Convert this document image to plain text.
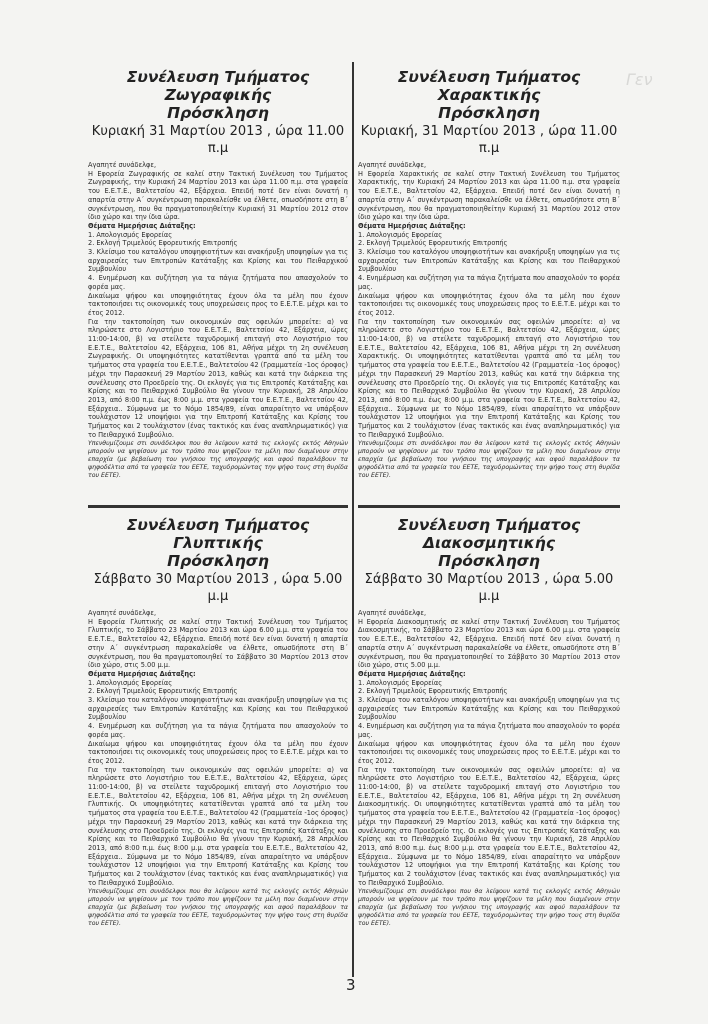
Γεν
Συνέλευση Τμήματος Ζωγραφικής
Πρόσκληση
Κυριακή 31 Μαρτίου 2013 , ώρα 11.00 π.μ

Αγαπητέ συνάδελφε,

Η Εφορεία Ζωγραφικής σε καλεί στην Τακτική Συνέλευση του Τμήματος Ζωγραφικής, την Κυριακή 24 Μαρτίου 2013 και ώρα 11.00 π.μ. στα γραφεία του Ε.Ε.Τ.Ε., Βαλτετσίου 42, Εξάρχεια. Επειδή ποτέ δεν είναι δυνατή η απαρτία στην Α΄ συγκέντρωση παρακαλείσθε να έλθετε, οπωσδήποτε στη Β΄ συγκέντρωση, που θα πραγματοποιηθείτην Κυριακή 31 Μαρτίου 2012 στον ίδιο χώρο και την ίδια ώρα.

Θέματα Ημερήσιας Διάταξης:

1. Απολογισμός Εφορείας

2. Εκλογή Τριμελούς Εφορευτικής Επιτροπής

3. Κλείσιμο του καταλόγου υποψηφιοτήτων και ανακήρυξη υποψηφίων για τις αρχαιρεσίες των Επιτροπών Κατάταξης και Κρίσης και του Πειθαρχικού Συμβουλίου

4. Ενημέρωση και συζήτηση για τα πάγια ζητήματα που απασχολούν το φορέα μας.

Δικαίωμα ψήφου και υποψηφιότητας έχουν όλα τα μέλη που έχουν τακτοποιήσει τις οικονομικές τους υποχρεώσεις προς το Ε.Ε.Τ.Ε. μέχρι και το έτος 2012.

Για την τακτοποίηση των οικονομικών σας οφειλών μπορείτε: α) να πληρώσετε στο Λογιστήριο του Ε.Ε.Τ.Ε., Βαλτετσίου 42, Εξάρχεια, ώρες 11:00-14:00, β) να στείλετε ταχυδρομική επιταγή στο Λογιστήριο του Ε.Ε.Τ.Ε., Βαλτετσίου 42, Εξάρχεια, 106 81, Αθήνα μέχρι τη 2η συνέλευση Ζωγραφικής. Οι υποψηφιότητες κατατίθενται γραπτά από τα μέλη του τμήματος στα γραφεία του Ε.Ε.Τ.Ε., Βαλτετσίου 42 (Γραμματεία -1ος όροφος) μέχρι την Παρασκευή 29 Μαρτίου 2013, καθώς και κατά την διάρκεια της συνέλευσης στο Προεδρείο της. Οι εκλογές για τις Επιτροπές Κατάταξης και Κρίσης και το Πειθαρχικό Συμβούλιο θα γίνουν την Κυριακή, 28 Απριλίου 2013, από 8:00 π.μ. έως 8:00 μ.μ. στα γραφεία του Ε.Ε.Τ.Ε., Βαλτετσίου 42, Εξάρχεια.. Σύμφωνα με το Νόμο 1854/89, είναι απαραίτητο να υπάρξουν τουλάχιστον 12 υποψήφιοι για την Επιτροπή Κατάταξης και Κρίσης του Τμήματος και 2 τουλάχιστον (ένας τακτικός και ένας αναπληρωματικός) για το Πειθαρχικό Συμβούλιο.

Υπενθυμίζουμε στι συνάδελφοι που θα λείψουν κατά τις εκλογές εκτός Αθηνών μπορούν να ψηφίσουν με τον τρόπο που ψηφίζουν τα μέλη που διαμένουν στην επαρχία (με βεβαίωση του γνήσιου της υπογραφής και αφού παραλάβουν τα ψηφοδέλτια από τα γραφεία του ΕΕΤΕ, ταχυδρομώντας την ψήφο τους στη θυρίδα του ΕΕΤΕ).

Συνέλευση Τμήματος Χαρακτικής
Πρόσκληση
Κυριακή, 31 Μαρτίου 2013 , ώρα 11.00 π.μ

Αγαπητέ συνάδελφε,

Η Εφορεία Χαρακτικής σε καλεί στην Τακτική Συνέλευση του Τμήματος Χαρακτικής, την Κυριακή 24 Μαρτίου 2013 και ώρα 11.00 π.μ. στα γραφεία του Ε.Ε.Τ.Ε., Βαλτετσίου 42, Εξάρχεια. Επειδή ποτέ δεν είναι δυνατή η απαρτία στην Α΄ συγκέντρωση παρακαλείσθε να έλθετε, οπωσδήποτε στη Β΄ συγκέντρωση, που θα πραγματοποιηθείτην Κυριακή 31 Μαρτίου 2012 στον ίδιο χώρο και την ίδια ώρα.

Θέματα Ημερήσιας Διάταξης:

1. Απολογισμός Εφορείας

2. Εκλογή Τριμελούς Εφορευτικής Επιτροπής

3. Κλείσιμο του καταλόγου υποψηφιοτήτων και ανακήρυξη υποψηφίων για τις αρχαιρεσίες των Επιτροπών Κατάταξης και Κρίσης και του Πειθαρχικού Συμβουλίου

4. Ενημέρωση και συζήτηση για τα πάγια ζητήματα που απασχολούν το φορέα μας.

Δικαίωμα ψήφου και υποψηφιότητας έχουν όλα τα μέλη που έχουν τακτοποιήσει τις οικονομικές τους υποχρεώσεις προς το Ε.Ε.Τ.Ε. μέχρι και το έτος 2012.

Για την τακτοποίηση των οικονομικών σας οφειλών μπορείτε: α) να πληρώσετε στο Λογιστήριο του Ε.Ε.Τ.Ε., Βαλτετσίου 42, Εξάρχεια, ώρες 11:00-14:00, β) να στείλετε ταχυδρομική επιταγή στο Λογιστήριο του Ε.Ε.Τ.Ε., Βαλτετσίου 42, Εξάρχεια, 106 81, Αθήνα μέχρι τη 2η συνέλευση Χαρακτικής. Οι υποψηφιότητες κατατίθενται γραπτά από τα μέλη του τμήματος στα γραφεία του Ε.Ε.Τ.Ε., Βαλτετσίου 42 (Γραμματεία -1ος όροφος) μέχρι την Παρασκευή 29 Μαρτίου 2013, καθώς και κατά την διάρκεια της συνέλευσης στο Προεδρείο της. Οι εκλογές για τις Επιτροπές Κατάταξης και Κρίσης και το Πειθαρχικό Συμβούλιο θα γίνουν την Κυριακή, 28 Απριλίου 2013, από 8:00 π.μ. έως 8:00 μ.μ. στα γραφεία του Ε.Ε.Τ.Ε., Βαλτετσίου 42, Εξάρχεια.. Σύμφωνα με το Νόμο 1854/89, είναι απαραίτητο να υπάρξουν τουλάχιστον 12 υποψήφιοι για την Επιτροπή Κατάταξης και Κρίσης του Τμήματος και 2 τουλάχιστον (ένας τακτικός και ένας αναπληρωματικός) για το Πειθαρχικό Συμβούλιο.

Υπενθυμίζουμε στι συνάδελφοι που θα λείψουν κατά τις εκλογές εκτός Αθηνών μπορούν να ψηφίσουν με τον τρόπο που ψηφίζουν τα μέλη που διαμένουν στην επαρχία (με βεβαίωση του γνήσιου της υπογραφής και αφού παραλάβουν τα ψηφοδέλτια από τα γραφεία του ΕΕΤΕ, ταχυδρομώντας την ψήφο τους στη θυρίδα του ΕΕΤΕ).

Συνέλευση Τμήματος Γλυπτικής
Πρόσκληση
Σάββατο 30 Μαρτίου 2013 , ώρα 5.00 μ.μ

Αγαπητέ συνάδελφε,

Η Εφορεία Γλυπτικής σε καλεί στην Τακτική Συνέλευση του Τμήματος Γλυπτικής, το Σάββατο 23 Μαρτίου 2013 και ώρα 6.00 μ.μ. στα γραφεία του Ε.Ε.Τ.Ε., Βαλτετσίου 42, Εξάρχεια. Επειδή ποτέ δεν είναι δυνατή η απαρτία στην Α΄ συγκέντρωση παρακαλείσθε να έλθετε, οπωσδήποτε στη Β΄ συγκέντρωση, που θα πραγματοποιηθεί το Σάββατο 30 Μαρτίου 2013 στον ίδιο χώρο, στις 5.00 μ.μ.

Θέματα Ημερήσιας Διάταξης:

1. Απολογισμός Εφορείας

2. Εκλογή Τριμελούς Εφορευτικής Επιτροπής

3. Κλείσιμο του καταλόγου υποψηφιοτήτων και ανακήρυξη υποψηφίων για τις αρχαιρεσίες των Επιτροπών Κατάταξης και Κρίσης και του Πειθαρχικού Συμβουλίου

4. Ενημέρωση και συζήτηση για τα πάγια ζητήματα που απασχολούν το φορέα μας.

Δικαίωμα ψήφου και υποψηφιότητας έχουν όλα τα μέλη που έχουν τακτοποιήσει τις οικονομικές τους υποχρεώσεις προς το Ε.Ε.Τ.Ε. μέχρι και το έτος 2012.

Για την τακτοποίηση των οικονομικών σας οφειλών μπορείτε: α) να πληρώσετε στο Λογιστήριο του Ε.Ε.Τ.Ε., Βαλτετσίου 42, Εξάρχεια, ώρες 11:00-14:00, β) να στείλετε ταχυδρομική επιταγή στο Λογιστήριο του Ε.Ε.Τ.Ε., Βαλτετσίου 42, Εξάρχεια, 106 81, Αθήνα μέχρι τη 2η συνέλευση Γλυπτικής. Οι υποψηφιότητες κατατίθενται γραπτά από τα μέλη του τμήματος στα γραφεία του Ε.Ε.Τ.Ε., Βαλτετσίου 42 (Γραμματεία -1ος όροφος) μέχρι την Παρασκευή 29 Μαρτίου 2013, καθώς και κατά την διάρκεια της συνέλευσης στο Προεδρείο της. Οι εκλογές για τις Επιτροπές Κατάταξης και Κρίσης και το Πειθαρχικό Συμβούλιο θα γίνουν την Κυριακή, 28 Απριλίου 2013, από 8:00 π.μ. έως 8:00 μ.μ. στα γραφεία του Ε.Ε.Τ.Ε., Βαλτετσίου 42, Εξάρχεια.. Σύμφωνα με το Νόμο 1854/89, είναι απαραίτητο να υπάρξουν τουλάχιστον 12 υποψήφιοι για την Επιτροπή Κατάταξης και Κρίσης του Τμήματος και 2 τουλάχιστον (ένας τακτικός και ένας αναπληρωματικός) για το Πειθαρχικό Συμβούλιο.

Υπενθυμίζουμε στι συνάδελφοι που θα λείψουν κατά τις εκλογές εκτός Αθηνών μπορούν να ψηφίσουν με τον τρόπο που ψηφίζουν τα μέλη που διαμένουν στην επαρχία (με βεβαίωση του γνήσιου της υπογραφής και αφού παραλάβουν τα ψηφοδέλτια από τα γραφεία του ΕΕΤΕ, ταχυδρομώντας την ψήφο τους στη θυρίδα του ΕΕΤΕ).

Συνέλευση Τμήματος Διακοσμητικής
Πρόσκληση
Σάββατο 30 Μαρτίου 2013 , ώρα 5.00 μ.μ

Αγαπητέ συνάδελφε,

Η Εφορεία Διακοσμητικής σε καλεί στην Τακτική Συνέλευση του Τμήματος Διακοσμητικής, το Σάββατο 23 Μαρτίου 2013 και ώρα 6.00 μ.μ. στα γραφεία του Ε.Ε.Τ.Ε., Βαλτετσίου 42, Εξάρχεια. Επειδή ποτέ δεν είναι δυνατή η απαρτία στην Α΄ συγκέντρωση παρακαλείσθε να έλθετε, οπωσδήποτε στη Β΄ συγκέντρωση, που θα πραγματοποιηθεί το Σάββατο 30 Μαρτίου 2013 στον ίδιο χώρο, στις 5.00 μ.μ.

Θέματα Ημερήσιας Διάταξης:

1. Απολογισμός Εφορείας

2. Εκλογή Τριμελούς Εφορευτικής Επιτροπής

3. Κλείσιμο του καταλόγου υποψηφιοτήτων και ανακήρυξη υποψηφίων για τις αρχαιρεσίες των Επιτροπών Κατάταξης και Κρίσης και του Πειθαρχικού Συμβουλίου

4. Ενημέρωση και συζήτηση για τα πάγια ζητήματα που απασχολούν το φορέα μας.

Δικαίωμα ψήφου και υποψηφιότητας έχουν όλα τα μέλη που έχουν τακτοποιήσει τις οικονομικές τους υποχρεώσεις προς το Ε.Ε.Τ.Ε. μέχρι και το έτος 2012.

Για την τακτοποίηση των οικονομικών σας οφειλών μπορείτε: α) να πληρώσετε στο Λογιστήριο του Ε.Ε.Τ.Ε., Βαλτετσίου 42, Εξάρχεια, ώρες 11:00-14:00, β) να στείλετε ταχυδρομική επιταγή στο Λογιστήριο του Ε.Ε.Τ.Ε., Βαλτετσίου 42, Εξάρχεια, 106 81, Αθήνα μέχρι τη 2η συνέλευση Διακοσμητικής. Οι υποψηφιότητες κατατίθενται γραπτά από τα μέλη του τμήματος στα γραφεία του Ε.Ε.Τ.Ε., Βαλτετσίου 42 (Γραμματεία -1ος όροφος) μέχρι την Παρασκευή 29 Μαρτίου 2013, καθώς και κατά την διάρκεια της συνέλευσης στο Προεδρείο της. Οι εκλογές για τις Επιτροπές Κατάταξης και Κρίσης και το Πειθαρχικό Συμβούλιο θα γίνουν την Κυριακή, 28 Απριλίου 2013, από 8:00 π.μ. έως 8:00 μ.μ. στα γραφεία του Ε.Ε.Τ.Ε., Βαλτετσίου 42, Εξάρχεια.. Σύμφωνα με το Νόμο 1854/89, είναι απαραίτητο να υπάρξουν τουλάχιστον 12 υποψήφιοι για την Επιτροπή Κατάταξης και Κρίσης του Τμήματος και 2 τουλάχιστον (ένας τακτικός και ένας αναπληρωματικός) για το Πειθαρχικό Συμβούλιο.

Υπενθυμίζουμε στι συνάδελφοι που θα λείψουν κατά τις εκλογές εκτός Αθηνών μπορούν να ψηφίσουν με τον τρόπο που ψηφίζουν τα μέλη που διαμένουν στην επαρχία (με βεβαίωση του γνήσιου της υπογραφής και αφού παραλάβουν τα ψηφοδέλτια από τα γραφεία του ΕΕΤΕ, ταχυδρομώντας την ψήφο τους στη θυρίδα του ΕΕΤΕ).

3
